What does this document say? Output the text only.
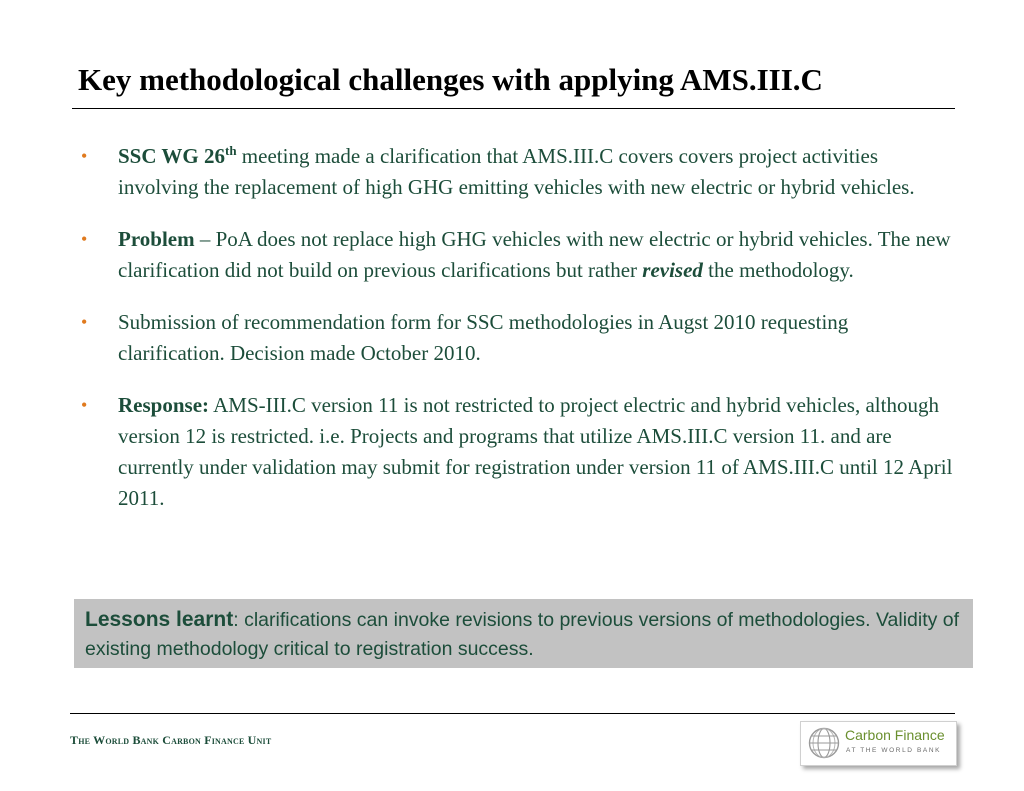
Key methodological challenges with applying AMS.III.C
• SSC WG 26th meeting made a clarification that AMS.III.C covers covers project activities involving the replacement of high GHG emitting vehicles with new electric or hybrid vehicles.
• Problem – PoA does not replace high GHG vehicles with new electric or hybrid vehicles. The new clarification did not build on previous clarifications but rather revised the methodology.
• Submission of recommendation form for SSC methodologies in Augst 2010 requesting clarification. Decision made October 2010.
• Response: AMS-III.C version 11 is not restricted to project electric and hybrid vehicles, although version 12 is restricted. i.e. Projects and programs that utilize AMS.III.C version 11. and are currently under validation may submit for registration under version 11 of AMS.III.C until 12 April 2011.
Lessons learnt: clarifications can invoke revisions to previous versions of methodologies. Validity of existing methodology critical to registration success.
The World Bank Carbon Finance Unit	Carbon Finance
AT THE WORLD BANK
